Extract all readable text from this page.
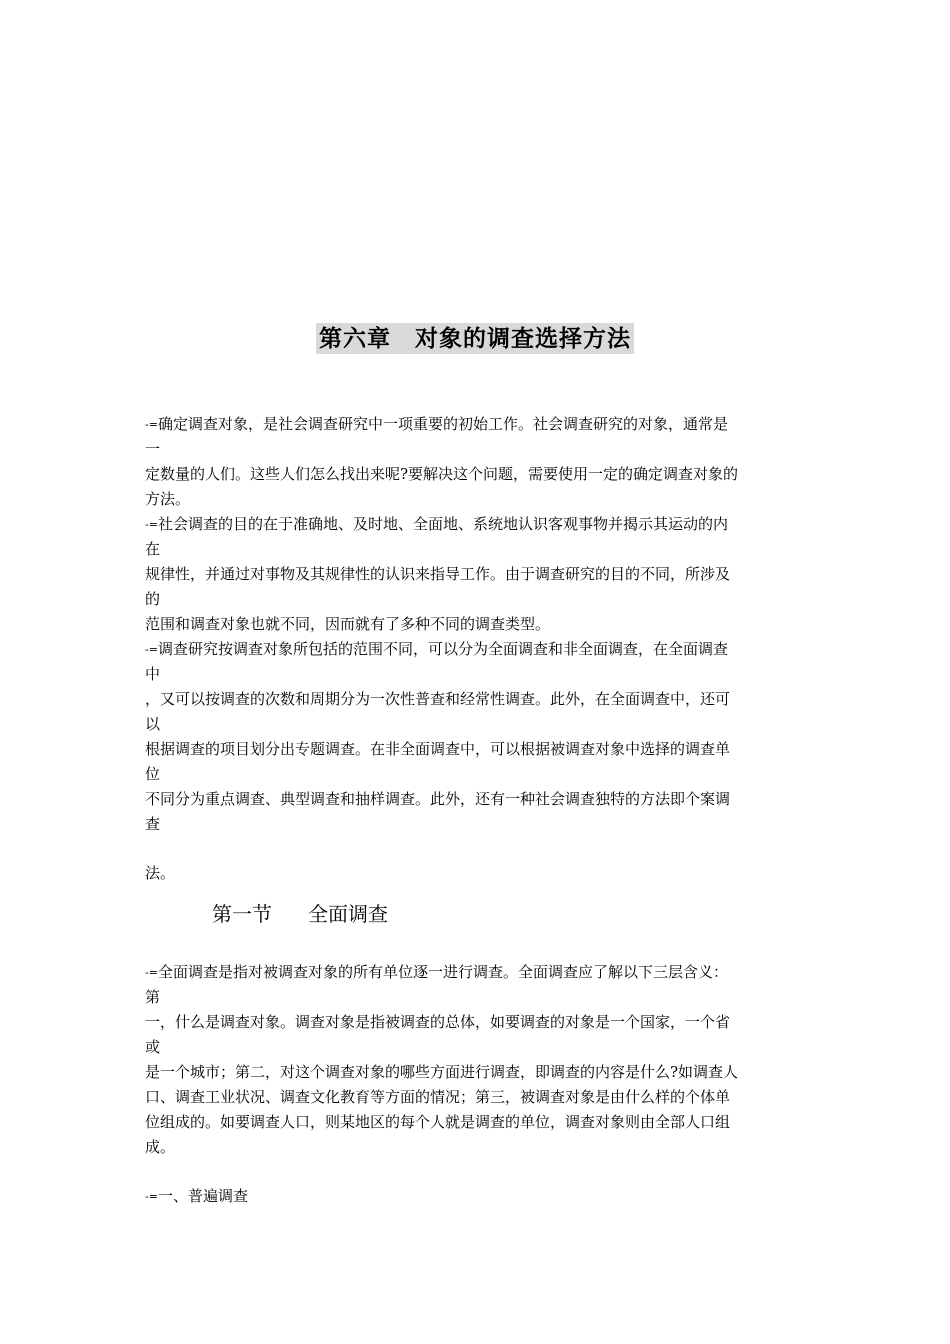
第六章　对象的调查选择方法
-=确定调查对象，是社会调查研究中一项重要的初始工作。社会调查研究的对象，通常是
一
定数量的人们。这些人们怎么找出来呢?要解决这个问题，需要使用一定的确定调查对象的
方法。
-=社会调查的目的在于准确地、及时地、全面地、系统地认识客观事物并揭示其运动的内
在
规律性，并通过对事物及其规律性的认识来指导工作。由于调查研究的目的不同，所涉及
的
范围和调查对象也就不同，因而就有了多种不同的调查类型。
-=调查研究按调查对象所包括的范围不同，可以分为全面调查和非全面调查，在全面调查
中
，又可以按调查的次数和周期分为一次性普查和经常性调查。此外，在全面调查中，还可
以
根据调查的项目划分出专题调查。在非全面调查中，可以根据被调查对象中选择的调查单
位
不同分为重点调查、典型调查和抽样调查。此外，还有一种社会调查独特的方法即个案调
查
法。
第一节 全面调查
-=全面调查是指对被调查对象的所有单位逐一进行调查。全面调查应了解以下三层含义：
第
一，什么是调查对象。调查对象是指被调查的总体，如要调查的对象是一个国家，一个省
或
是一个城市；第二，对这个调查对象的哪些方面进行调查，即调查的内容是什么?如调查人
口、调查工业状况、调查文化教育等方面的情况；第三，被调查对象是由什么样的个体单
位组成的。如要调查人口，则某地区的每个人就是调查的单位，调查对象则由全部人口组
成。
-=一、普遍调查
